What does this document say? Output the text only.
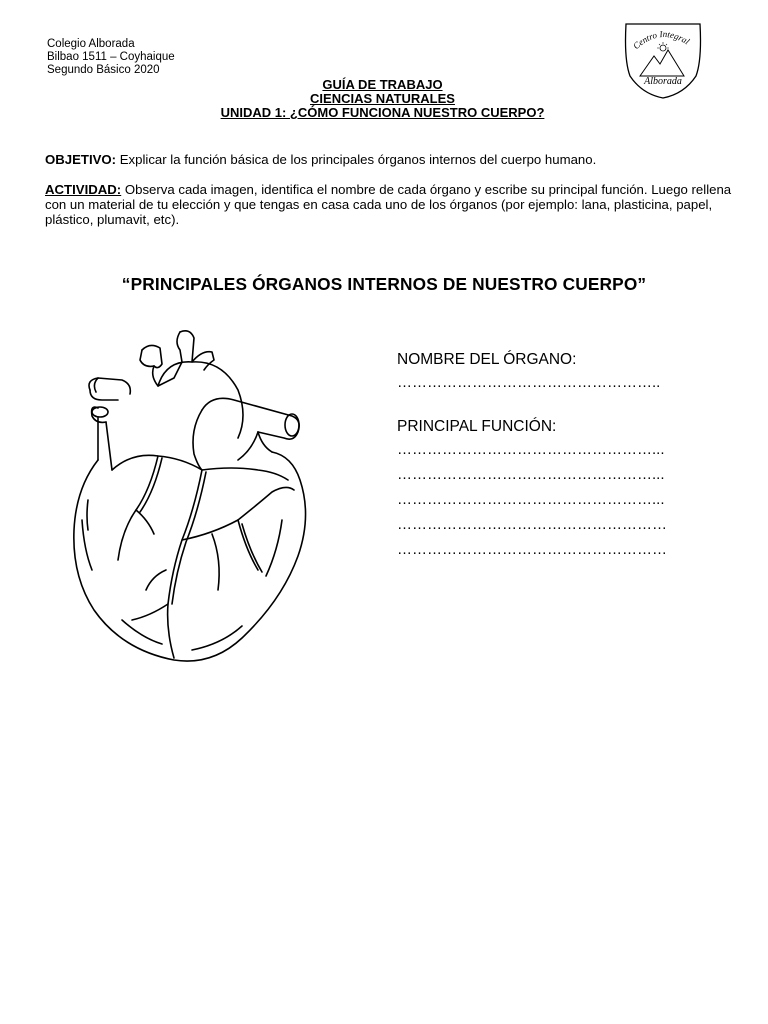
Colegio Alborada
Bilbao 1511 – Coyhaique
Segundo Básico 2020
Centro Integral
Alborada
GUÍA DE TRABAJO
CIENCIAS NATURALES
UNIDAD 1: ¿CÓMO FUNCIONA NUESTRO CUERPO?
OBJETIVO: Explicar la función básica de los principales órganos internos del cuerpo humano.
ACTIVIDAD: Observa cada imagen, identifica el nombre de cada órgano y escribe su principal función. Luego rellena con un material de tu elección y que tengas en casa cada uno de los órganos (por ejemplo: lana, plasticina, papel, plástico, plumavit, etc).
“PRINCIPALES ÓRGANOS INTERNOS DE NUESTRO CUERPO”
NOMBRE DEL ÓRGANO:
……………………………………………..
PRINCIPAL FUNCIÓN:
……………………………………………...
……………………………………………...
……………………………………………...
………………………………………………
………………………………………………
